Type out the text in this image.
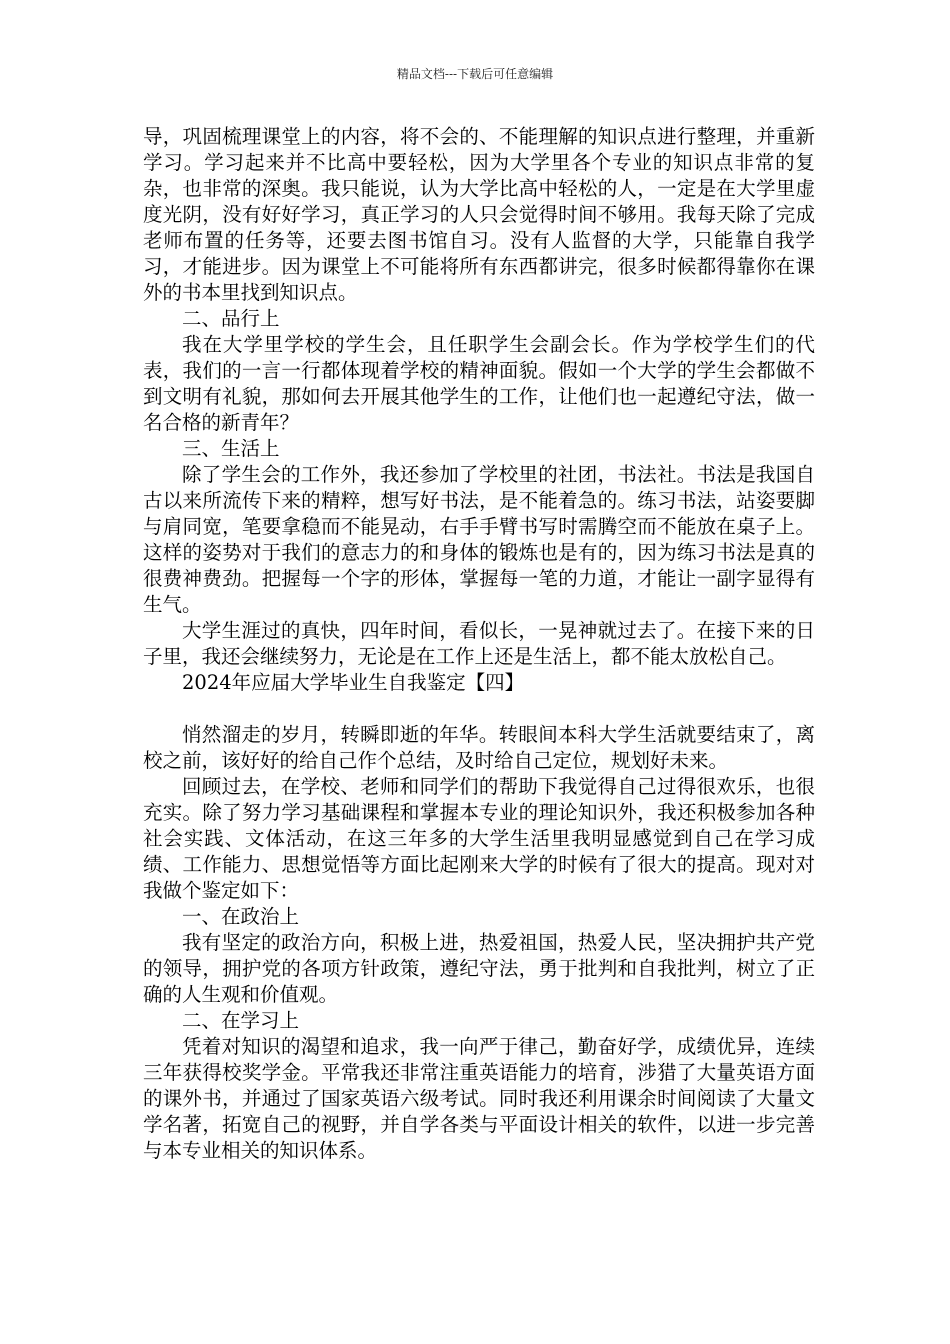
精品文档---下载后可任意编辑

导，巩固梳理课堂上的内容，将不会的、不能理解的知识点进行整理，并重新学习。学习起来并不比高中要轻松，因为大学里各个专业的知识点非常的复杂，也非常的深奥。我只能说，认为大学比高中轻松的人，一定是在大学里虚度光阴，没有好好学习，真正学习的人只会觉得时间不够用。我每天除了完成老师布置的任务等，还要去图书馆自习。没有人监督的大学，只能靠自我学习，才能进步。因为课堂上不可能将所有东西都讲完，很多时候都得靠你在课外的书本里找到知识点。

二、品行上

我在大学里学校的学生会，且任职学生会副会长。作为学校学生们的代表，我们的一言一行都体现着学校的精神面貌。假如一个大学的学生会都做不到文明有礼貌，那如何去开展其他学生的工作，让他们也一起遵纪守法，做一名合格的新青年？

三、生活上

除了学生会的工作外，我还参加了学校里的社团，书法社。书法是我国自古以来所流传下来的精粹，想写好书法，是不能着急的。练习书法，站姿要脚与肩同宽，笔要拿稳而不能晃动，右手手臂书写时需腾空而不能放在桌子上。这样的姿势对于我们的意志力的和身体的锻炼也是有的，因为练习书法是真的很费神费劲。把握每一个字的形体，掌握每一笔的力道，才能让一副字显得有生气。

大学生涯过的真快，四年时间，看似长，一晃神就过去了。在接下来的日子里，我还会继续努力，无论是在工作上还是生活上，都不能太放松自己。

2024年应届大学毕业生自我鉴定【四】

悄然溜走的岁月，转瞬即逝的年华。转眼间本科大学生活就要结束了，离校之前，该好好的给自己作个总结，及时给自己定位，规划好未来。

回顾过去，在学校、老师和同学们的帮助下我觉得自己过得很欢乐，也很充实。除了努力学习基础课程和掌握本专业的理论知识外，我还积极参加各种社会实践、文体活动，在这三年多的大学生活里我明显感觉到自己在学习成绩、工作能力、思想觉悟等方面比起刚来大学的时候有了很大的提高。现对对我做个鉴定如下：

一、在政治上

我有坚定的政治方向，积极上进，热爱祖国，热爱人民，坚决拥护共产党的领导，拥护党的各项方针政策，遵纪守法，勇于批判和自我批判，树立了正确的人生观和价值观。

二、在学习上

凭着对知识的渴望和追求，我一向严于律己，勤奋好学，成绩优异，连续三年获得校奖学金。平常我还非常注重英语能力的培育，涉猎了大量英语方面的课外书，并通过了国家英语六级考试。同时我还利用课余时间阅读了大量文学名著，拓宽自己的视野，并自学各类与平面设计相关的软件，以进一步完善与本专业相关的知识体系。
